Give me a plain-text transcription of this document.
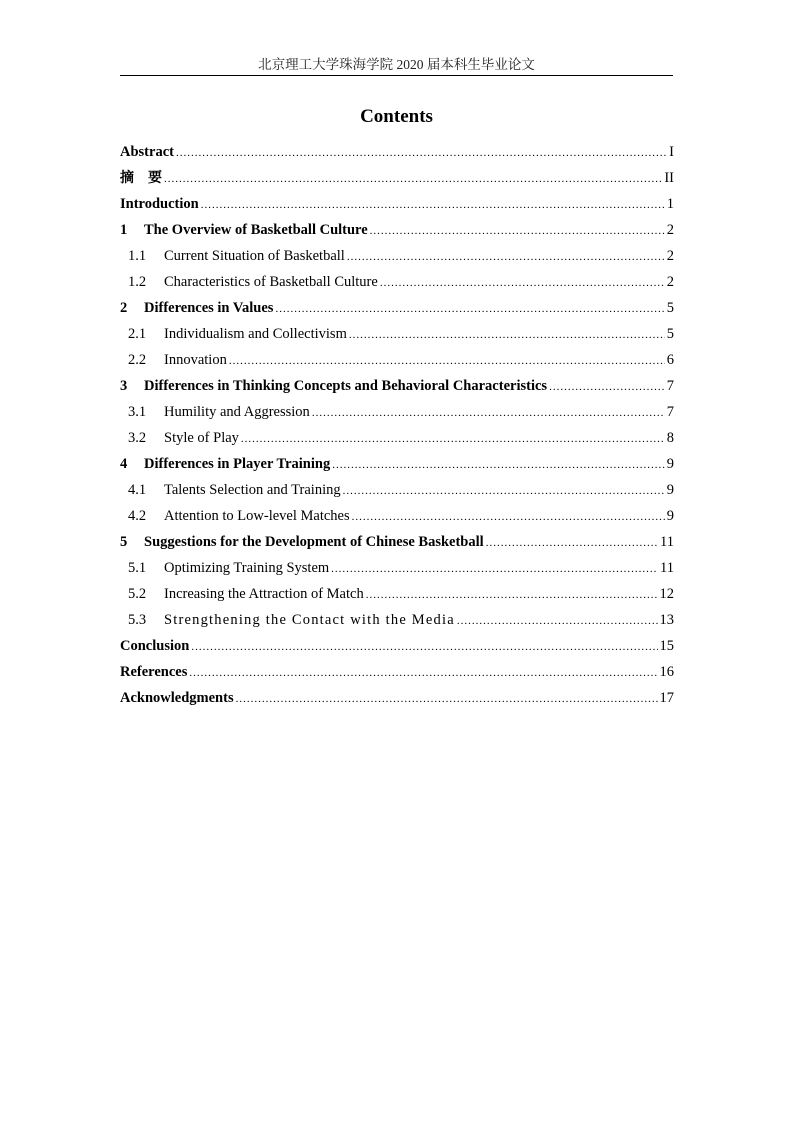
北京理工大学珠海学院 2020 届本科生毕业论文
Contents
Abstract .....	I
摘　要 .....	II
Introduction .....	1
1	The Overview of Basketball Culture .....	2
1.1	Current Situation of Basketball .....	2
1.2	Characteristics of Basketball Culture .....	2
2	Differences in Values .....	5
2.1	Individualism and Collectivism .....	5
2.2	Innovation .....	6
3	Differences in Thinking Concepts and Behavioral Characteristics .....	7
3.1	Humility and Aggression .....	7
3.2	Style of Play .....	8
4	Differences in Player Training .....	9
4.1	Talents Selection and Training .....	9
4.2	Attention to Low-level Matches .....	9
5	Suggestions for the Development of Chinese Basketball .....	11
5.1	Optimizing Training System .....	11
5.2	Increasing the Attraction of Match .....	12
5.3	Strengthening the Contact with the Media .....	13
Conclusion .....	15
References .....	16
Acknowledgments .....	17
